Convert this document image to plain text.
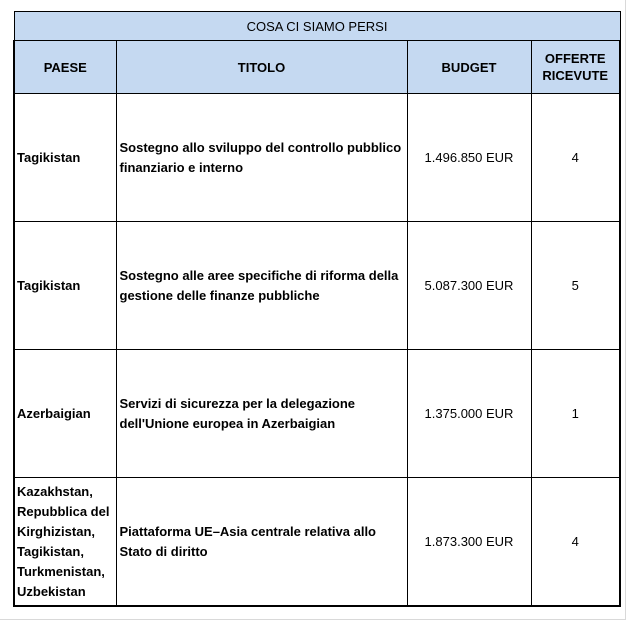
COSA CI SIAMO PERSI			
PAESE	TITOLO	BUDGET	OFFERTE
RICEVUTE
Tagikistan	Sostegno allo sviluppo del controllo pubblico finanziario e interno	1.496.850 EUR	4
Tagikistan	Sostegno alle aree specifiche di riforma della gestione delle finanze pubbliche	5.087.300 EUR	5
Azerbaigian	Servizi di sicurezza per la delegazione dell'Unione europea in Azerbaigian	1.375.000 EUR	1
Kazakhstan, Repubblica del Kirghizistan, Tagikistan, Turkmenistan, Uzbekistan	Piattaforma UE–Asia centrale relativa allo Stato di diritto	1.873.300 EUR	4
